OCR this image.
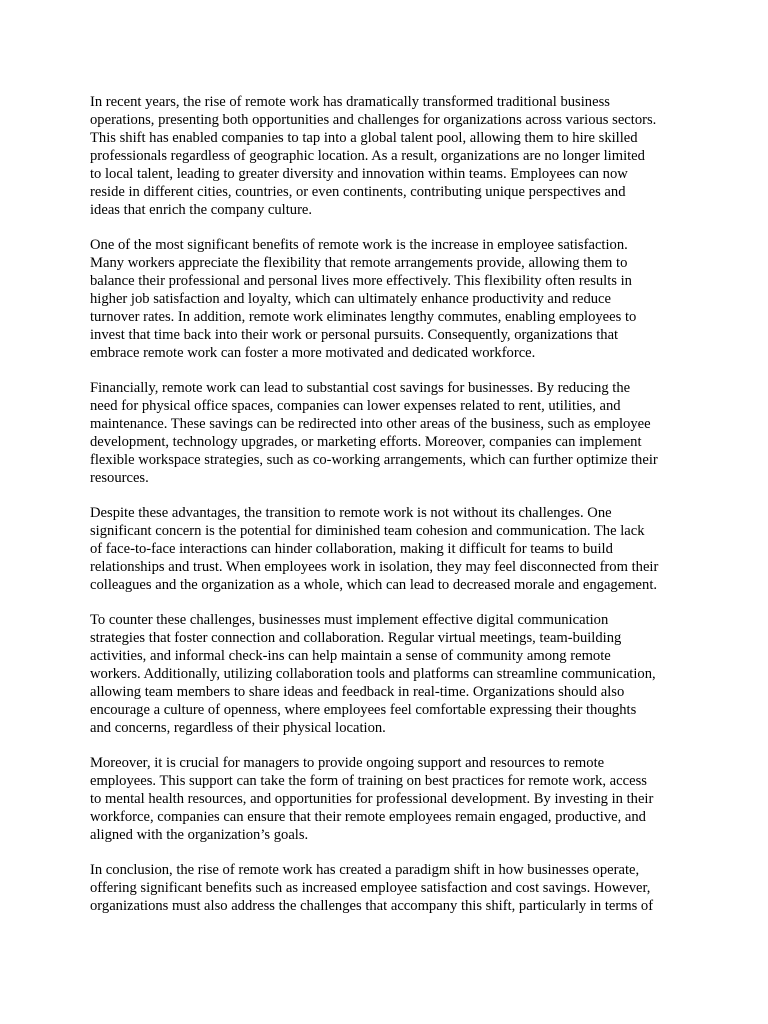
In recent years, the rise of remote work has dramatically transformed traditional business
operations, presenting both opportunities and challenges for organizations across various sectors.
This shift has enabled companies to tap into a global talent pool, allowing them to hire skilled
professionals regardless of geographic location. As a result, organizations are no longer limited
to local talent, leading to greater diversity and innovation within teams. Employees can now
reside in different cities, countries, or even continents, contributing unique perspectives and
ideas that enrich the company culture.

One of the most significant benefits of remote work is the increase in employee satisfaction.
Many workers appreciate the flexibility that remote arrangements provide, allowing them to
balance their professional and personal lives more effectively. This flexibility often results in
higher job satisfaction and loyalty, which can ultimately enhance productivity and reduce
turnover rates. In addition, remote work eliminates lengthy commutes, enabling employees to
invest that time back into their work or personal pursuits. Consequently, organizations that
embrace remote work can foster a more motivated and dedicated workforce.

Financially, remote work can lead to substantial cost savings for businesses. By reducing the
need for physical office spaces, companies can lower expenses related to rent, utilities, and
maintenance. These savings can be redirected into other areas of the business, such as employee
development, technology upgrades, or marketing efforts. Moreover, companies can implement
flexible workspace strategies, such as co-working arrangements, which can further optimize their
resources.

Despite these advantages, the transition to remote work is not without its challenges. One
significant concern is the potential for diminished team cohesion and communication. The lack
of face-to-face interactions can hinder collaboration, making it difficult for teams to build
relationships and trust. When employees work in isolation, they may feel disconnected from their
colleagues and the organization as a whole, which can lead to decreased morale and engagement.

To counter these challenges, businesses must implement effective digital communication
strategies that foster connection and collaboration. Regular virtual meetings, team-building
activities, and informal check-ins can help maintain a sense of community among remote
workers. Additionally, utilizing collaboration tools and platforms can streamline communication,
allowing team members to share ideas and feedback in real-time. Organizations should also
encourage a culture of openness, where employees feel comfortable expressing their thoughts
and concerns, regardless of their physical location.

Moreover, it is crucial for managers to provide ongoing support and resources to remote
employees. This support can take the form of training on best practices for remote work, access
to mental health resources, and opportunities for professional development. By investing in their
workforce, companies can ensure that their remote employees remain engaged, productive, and
aligned with the organization’s goals.

In conclusion, the rise of remote work has created a paradigm shift in how businesses operate,
offering significant benefits such as increased employee satisfaction and cost savings. However,
organizations must also address the challenges that accompany this shift, particularly in terms of
